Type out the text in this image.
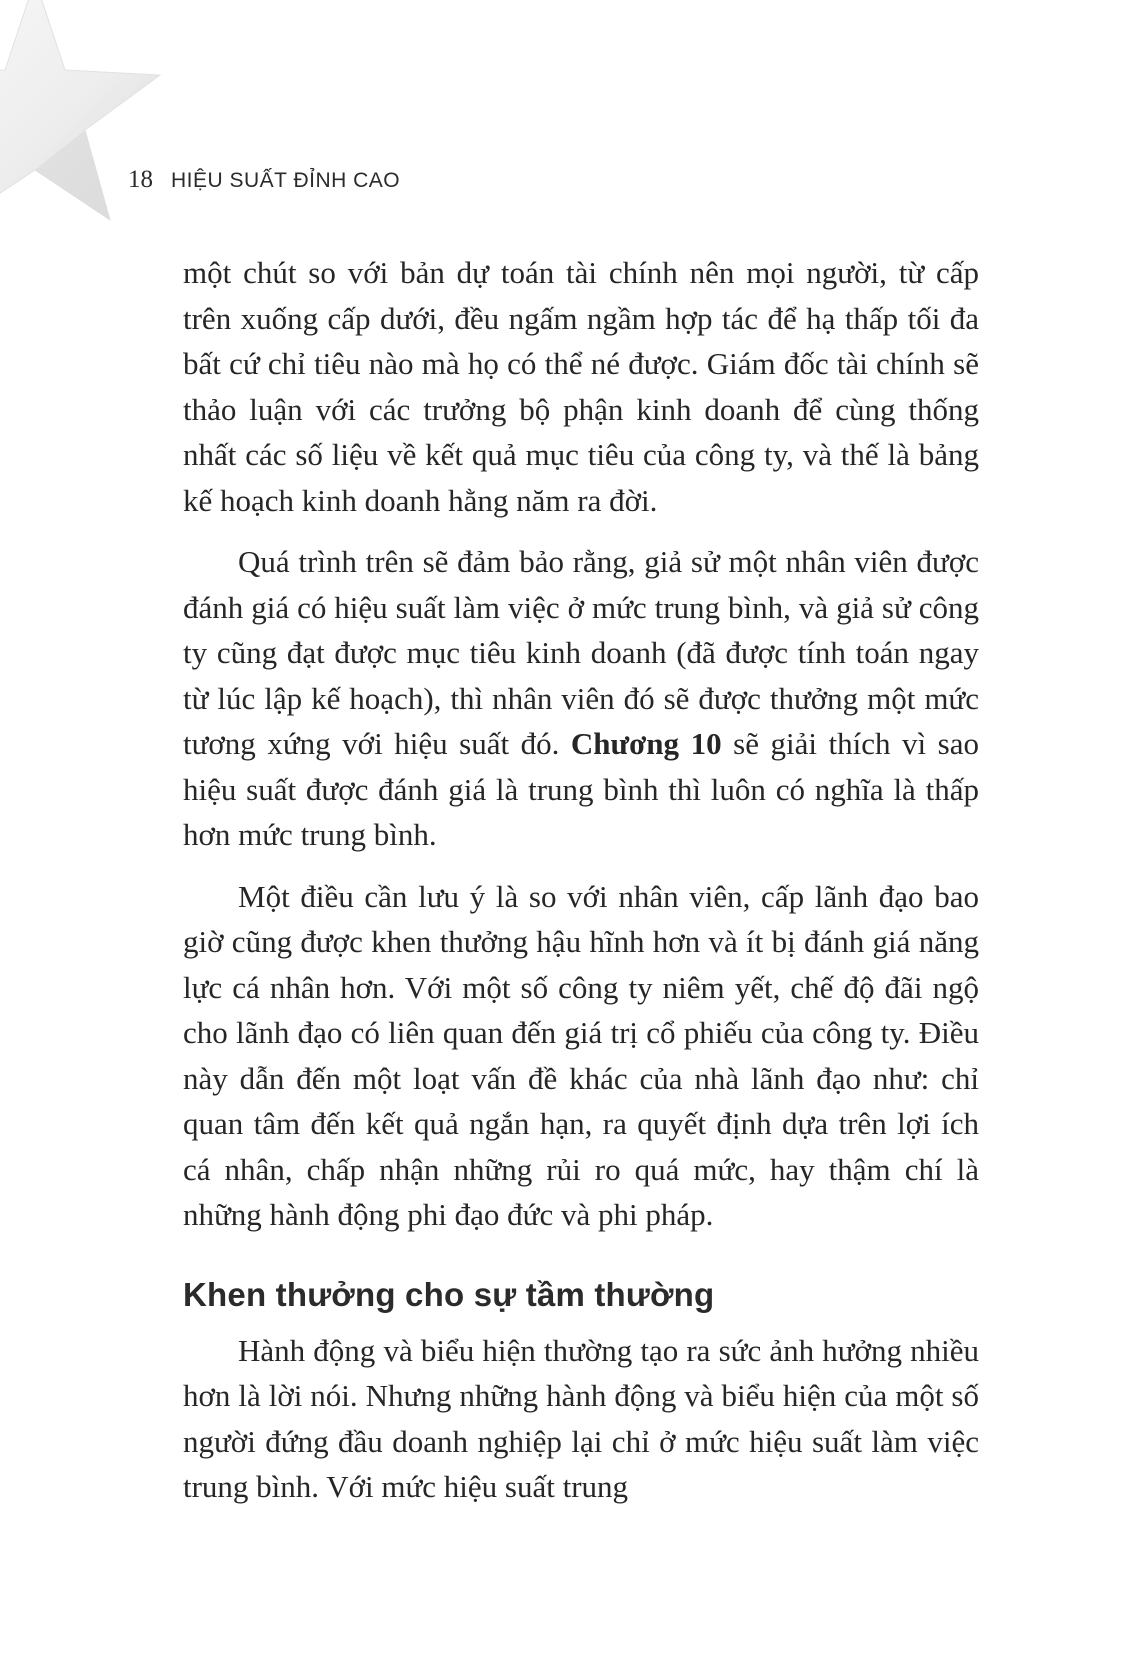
18 HIỆU SUẤT ĐỈNH CAO

một chút so với bản dự toán tài chính nên mọi người, từ cấp trên xuống cấp dưới, đều ngấm ngầm hợp tác để hạ thấp tối đa bất cứ chỉ tiêu nào mà họ có thể né được. Giám đốc tài chính sẽ thảo luận với các trưởng bộ phận kinh doanh để cùng thống nhất các số liệu về kết quả mục tiêu của công ty, và thế là bảng kế hoạch kinh doanh hằng năm ra đời.

Quá trình trên sẽ đảm bảo rằng, giả sử một nhân viên được đánh giá có hiệu suất làm việc ở mức trung bình, và giả sử công ty cũng đạt được mục tiêu kinh doanh (đã được tính toán ngay từ lúc lập kế hoạch), thì nhân viên đó sẽ được thưởng một mức tương xứng với hiệu suất đó. Chương 10 sẽ giải thích vì sao hiệu suất được đánh giá là trung bình thì luôn có nghĩa là thấp hơn mức trung bình.

Một điều cần lưu ý là so với nhân viên, cấp lãnh đạo bao giờ cũng được khen thưởng hậu hĩnh hơn và ít bị đánh giá năng lực cá nhân hơn. Với một số công ty niêm yết, chế độ đãi ngộ cho lãnh đạo có liên quan đến giá trị cổ phiếu của công ty. Điều này dẫn đến một loạt vấn đề khác của nhà lãnh đạo như: chỉ quan tâm đến kết quả ngắn hạn, ra quyết định dựa trên lợi ích cá nhân, chấp nhận những rủi ro quá mức, hay thậm chí là những hành động phi đạo đức và phi pháp.

Khen thưởng cho sự tầm thường

Hành động và biểu hiện thường tạo ra sức ảnh hưởng nhiều hơn là lời nói. Nhưng những hành động và biểu hiện của một số người đứng đầu doanh nghiệp lại chỉ ở mức hiệu suất làm việc trung bình. Với mức hiệu suất trung
